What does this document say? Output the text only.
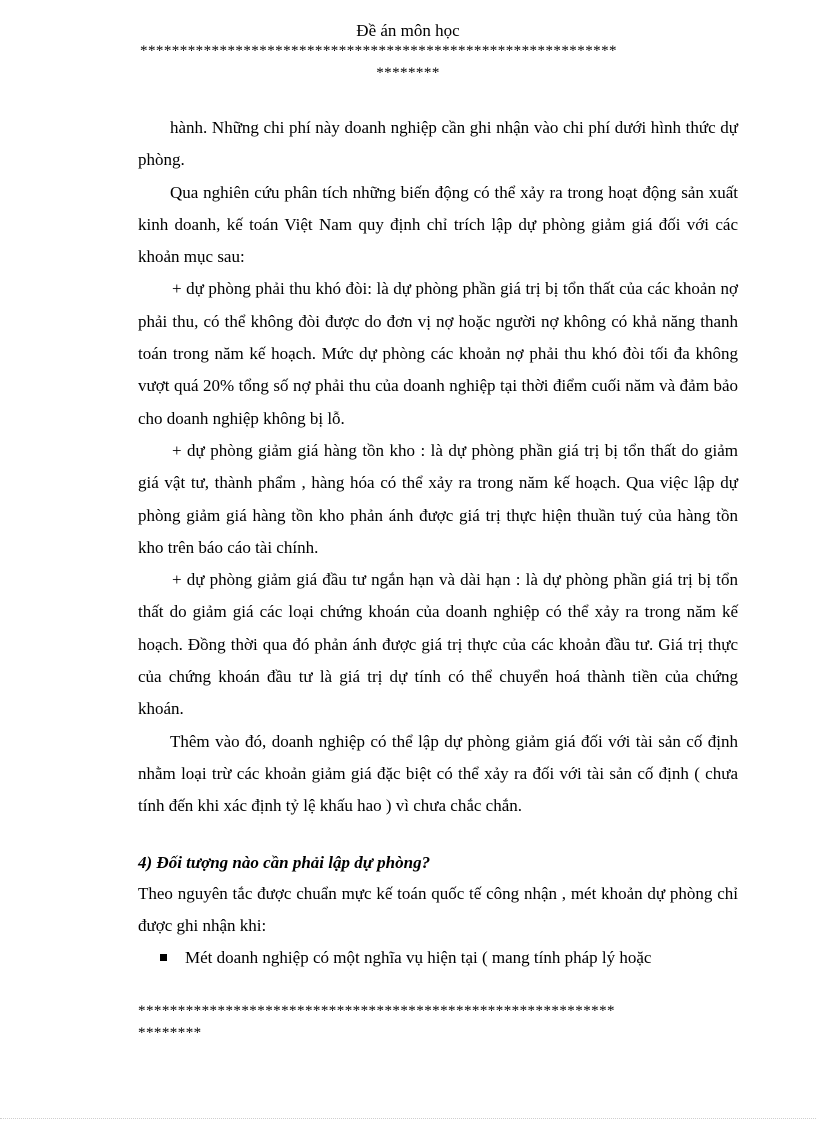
Đề án môn học
************************************************************
********

hành. Những chi phí này doanh nghiệp cần ghi nhận vào chi phí dưới hình thức dự phòng.

Qua nghiên cứu phân tích những biến động có thể xảy ra trong hoạt động sản xuất kinh doanh, kế toán Việt Nam quy định chỉ trích lập dự phòng giảm giá đối với các khoản mục sau:

+ dự phòng phải thu khó đòi: là dự phòng phần giá trị bị tổn thất của các khoản nợ phải thu, có thể không đòi được do đơn vị nợ hoặc người nợ không có khả năng thanh toán trong năm kế hoạch. Mức dự phòng các khoản nợ phải thu khó đòi tối đa không vượt quá 20% tổng số nợ phải thu của doanh nghiệp tại thời điểm cuối năm và đảm bảo cho doanh nghiệp không bị lỗ.

+ dự phòng giảm giá hàng tồn kho : là dự phòng phần giá trị bị tổn thất do giảm giá vật tư, thành phẩm , hàng hóa có thể xảy ra trong năm kế hoạch. Qua việc lập dự phòng giảm giá hàng tồn kho phản ánh được giá trị thực hiện thuần tuý của hàng tồn kho trên báo cáo tài chính.

+ dự phòng giảm giá đầu tư ngắn hạn và dài hạn : là dự phòng phần giá trị bị tổn thất do giảm giá các loại chứng khoán của doanh nghiệp có thể xảy ra trong năm kế hoạch. Đồng thời qua đó phản ánh được giá trị thực của các khoản đầu tư. Giá trị thực của chứng khoán đầu tư là giá trị dự tính có thể chuyển hoá thành tiền của chứng khoán.

Thêm vào đó, doanh nghiệp có thể lập dự phòng giảm giá đối với tài sản cố định nhằm loại trừ các khoản giảm giá đặc biệt có thể xảy ra đối với tài sản cố định ( chưa tính đến khi xác định tỷ lệ khấu hao ) vì chưa chắc chắn.

4) Đối tượng nào cần phải lập dự phòng?

Theo nguyên tắc được chuẩn mực kế toán quốc tế công nhận , mét khoản dự phòng chỉ được ghi nhận khi:

Mét doanh nghiệp có một nghĩa vụ hiện tại ( mang tính pháp lý hoặc
************************************************************
********
